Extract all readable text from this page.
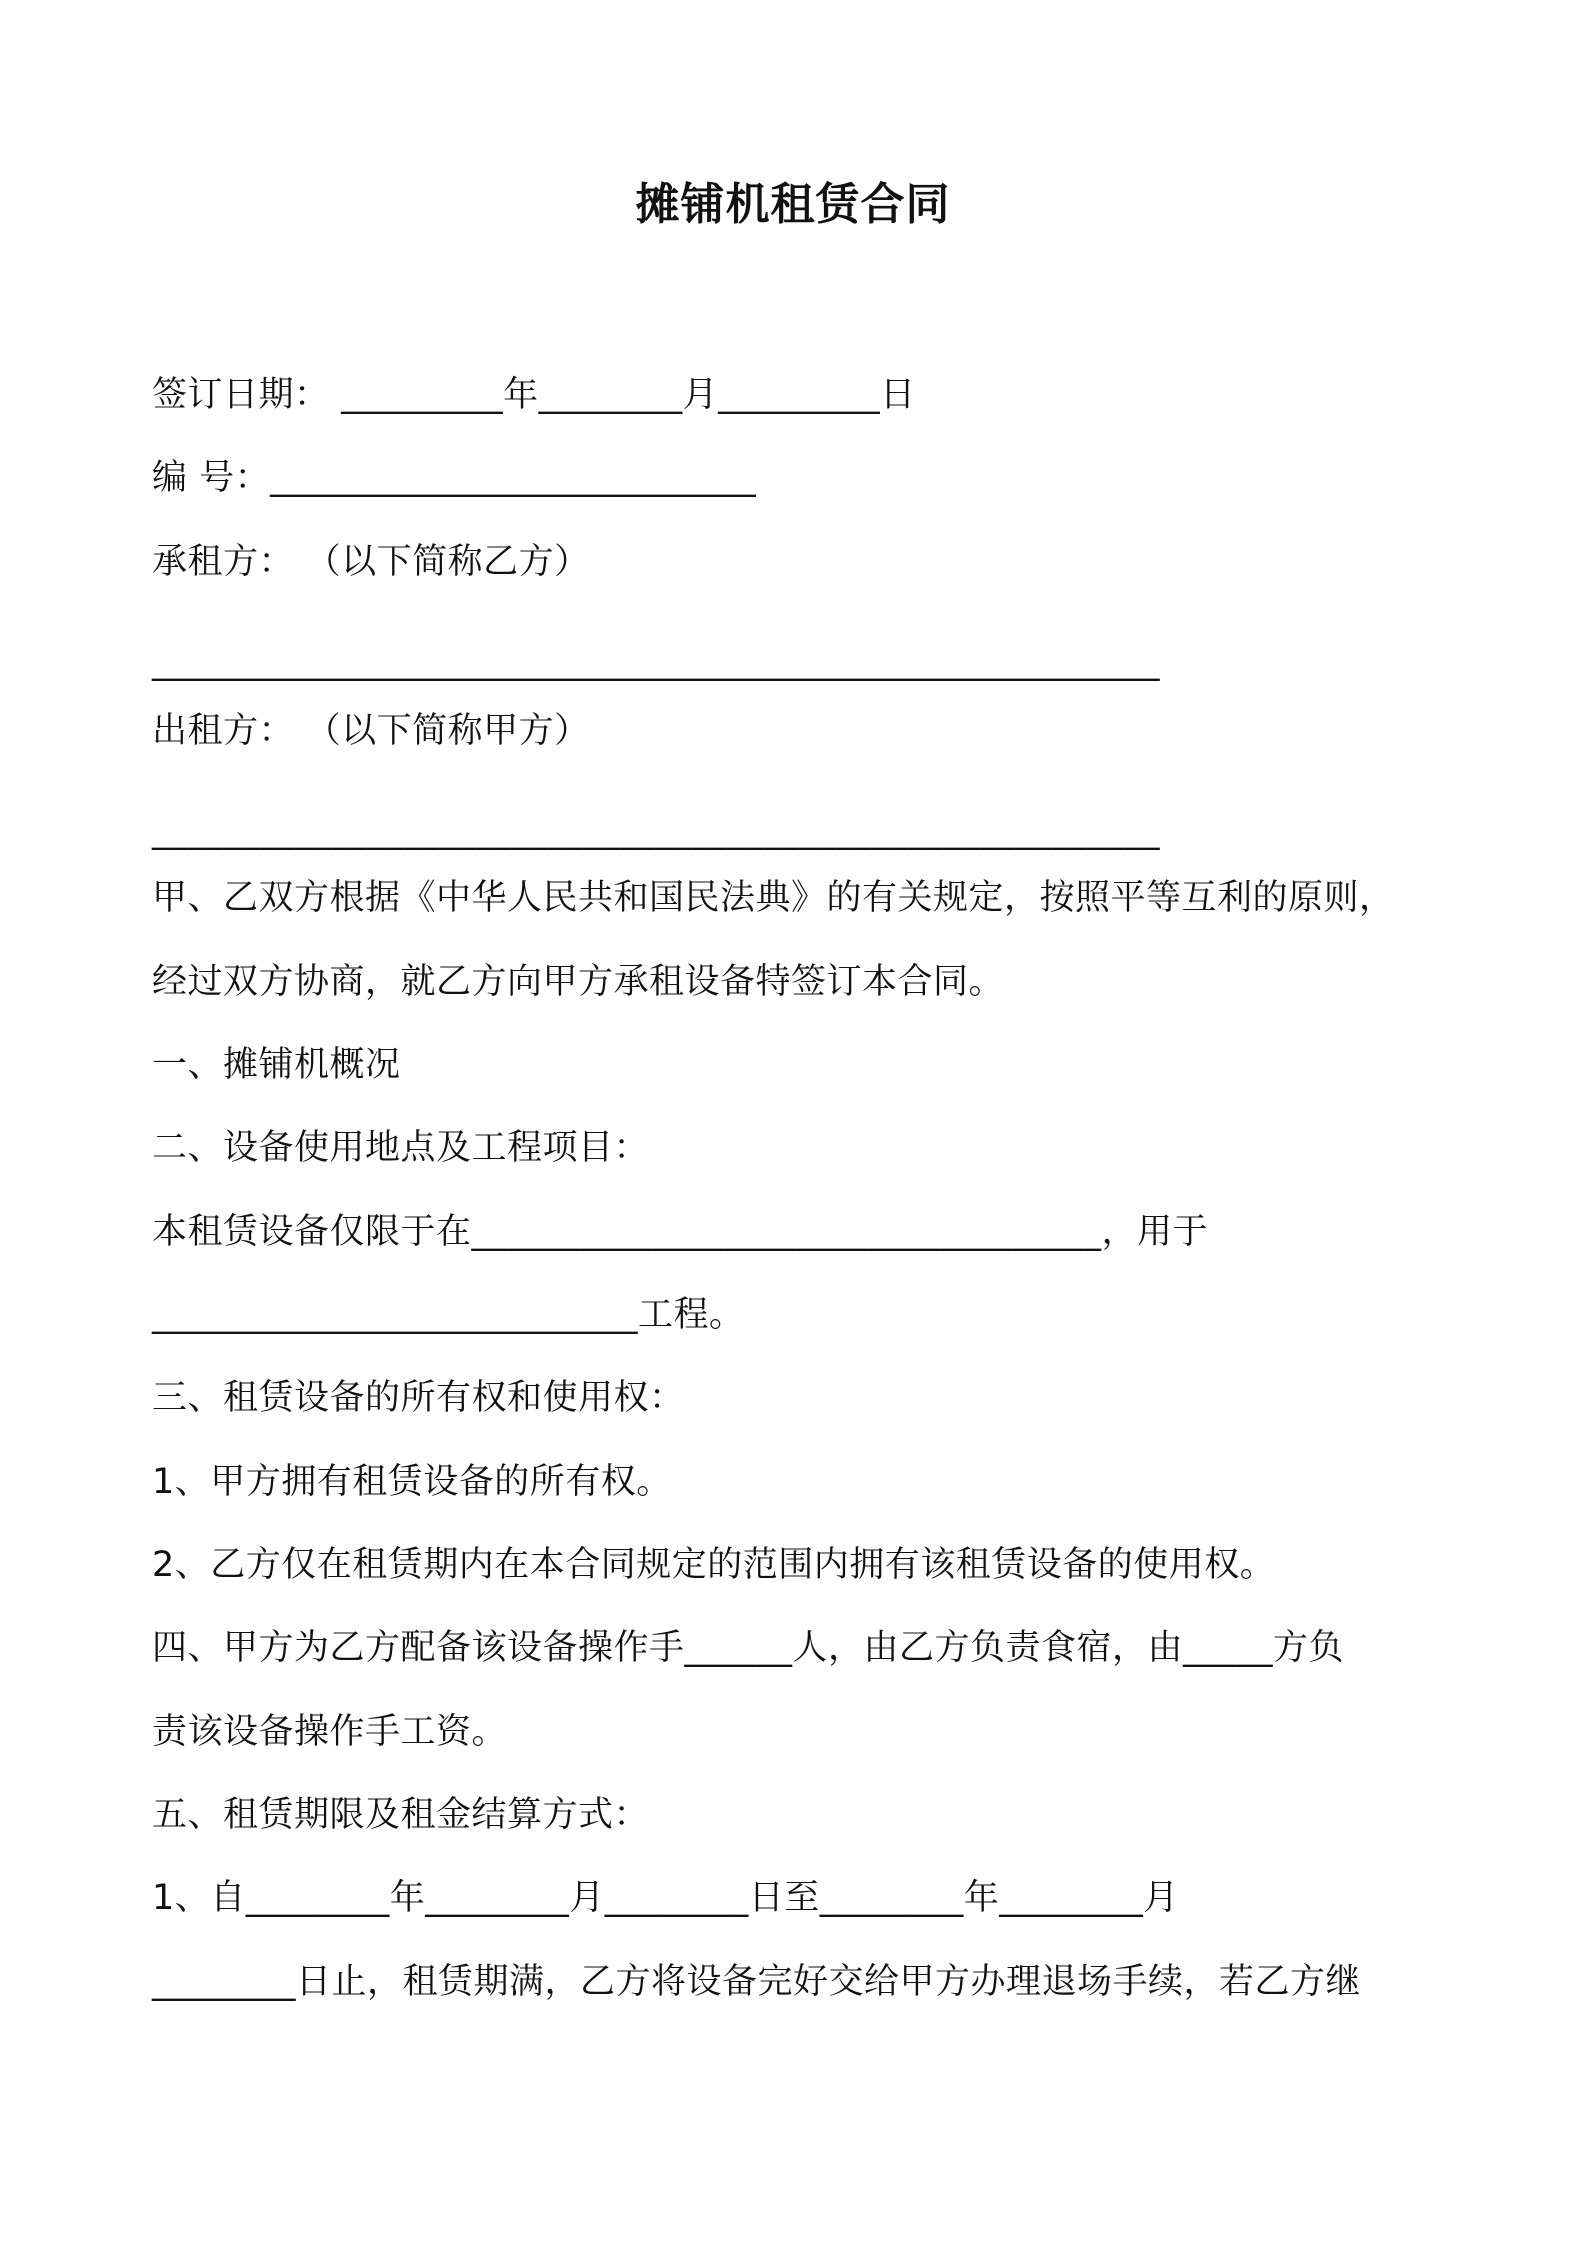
摊铺机租赁合同
签订日期： _________年________月_________日
编 号：___________________________
承租方： （以下简称乙方）
________________________________________________________
出租方： （以下简称甲方）
________________________________________________________
甲、乙双方根据《中华人民共和国民法典》的有关规定，按照平等互利的原则，
经过双方协商，就乙方向甲方承租设备特签订本合同。
一、摊铺机概况
二、设备使用地点及工程项目：
本租赁设备仅限于在___________________________________，用于
___________________________工程。
三、租赁设备的所有权和使用权：
1、甲方拥有租赁设备的所有权。
2、乙方仅在租赁期内在本合同规定的范围内拥有该租赁设备的使用权。
四、甲方为乙方配备该设备操作手______人，由乙方负责食宿，由_____方负
责该设备操作手工资。
五、租赁期限及租金结算方式：
1、自________年________月________日至________年________月
________日止，租赁期满，乙方将设备完好交给甲方办理退场手续，若乙方继
